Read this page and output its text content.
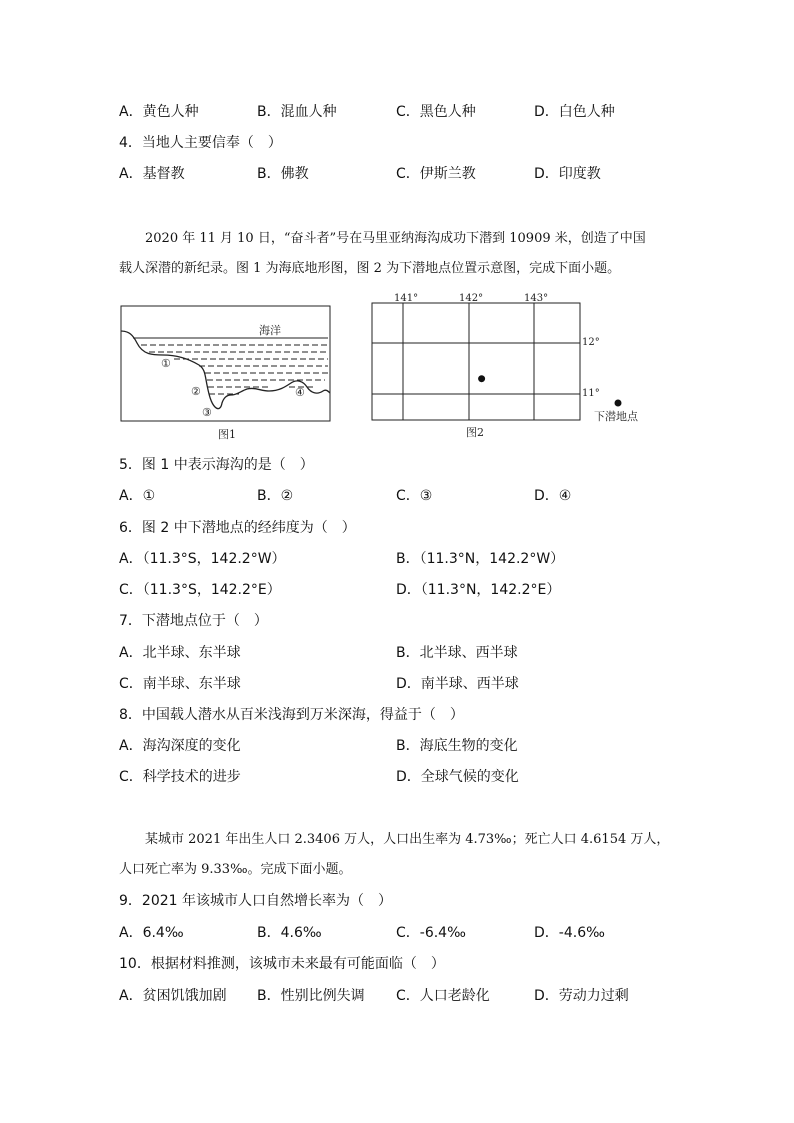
A．黄色人种	B．混血人种	C．黑色人种	D．白色人种
4．当地人主要信奉（　）
A．基督教	B．佛教	C．伊斯兰教	D．印度教
2020 年 11 月 10 日，“奋斗者”号在马里亚纳海沟成功下潜到 10909 米，创造了中国
载人深潜的新纪录。图 1 为海底地形图，图 2 为下潜地点位置示意图，完成下面小题。
海洋
①
②
③
④
图1
141°	142°	143°
12°
11°
下潜地点
图2
5．图 1 中表示海沟的是（　）
A．①	B．②	C．③	D．④
6．图 2 中下潜地点的经纬度为（　）
A．（11.3°S，142.2°W）	B．（11.3°N，142.2°W）
C．（11.3°S，142.2°E）	D．（11.3°N，142.2°E）
7．下潜地点位于（　）
A．北半球、东半球	B．北半球、西半球
C．南半球、东半球	D．南半球、西半球
8．中国载人潜水从百米浅海到万米深海，得益于（　）
A．海沟深度的变化	B．海底生物的变化
C．科学技术的进步	D．全球气候的变化
某城市 2021 年出生人口 2.3406 万人，人口出生率为 4.73‰；死亡人口 4.6154 万人，
人口死亡率为 9.33‰。完成下面小题。
9．2021 年该城市人口自然增长率为（　）
A．6.4‰	B．4.6‰	C．-6.4‰	D．-4.6‰
10．根据材料推测，该城市未来最有可能面临（　）
A．贫困饥饿加剧 B．性别比例失调 C．人口老龄化	D．劳动力过剩
